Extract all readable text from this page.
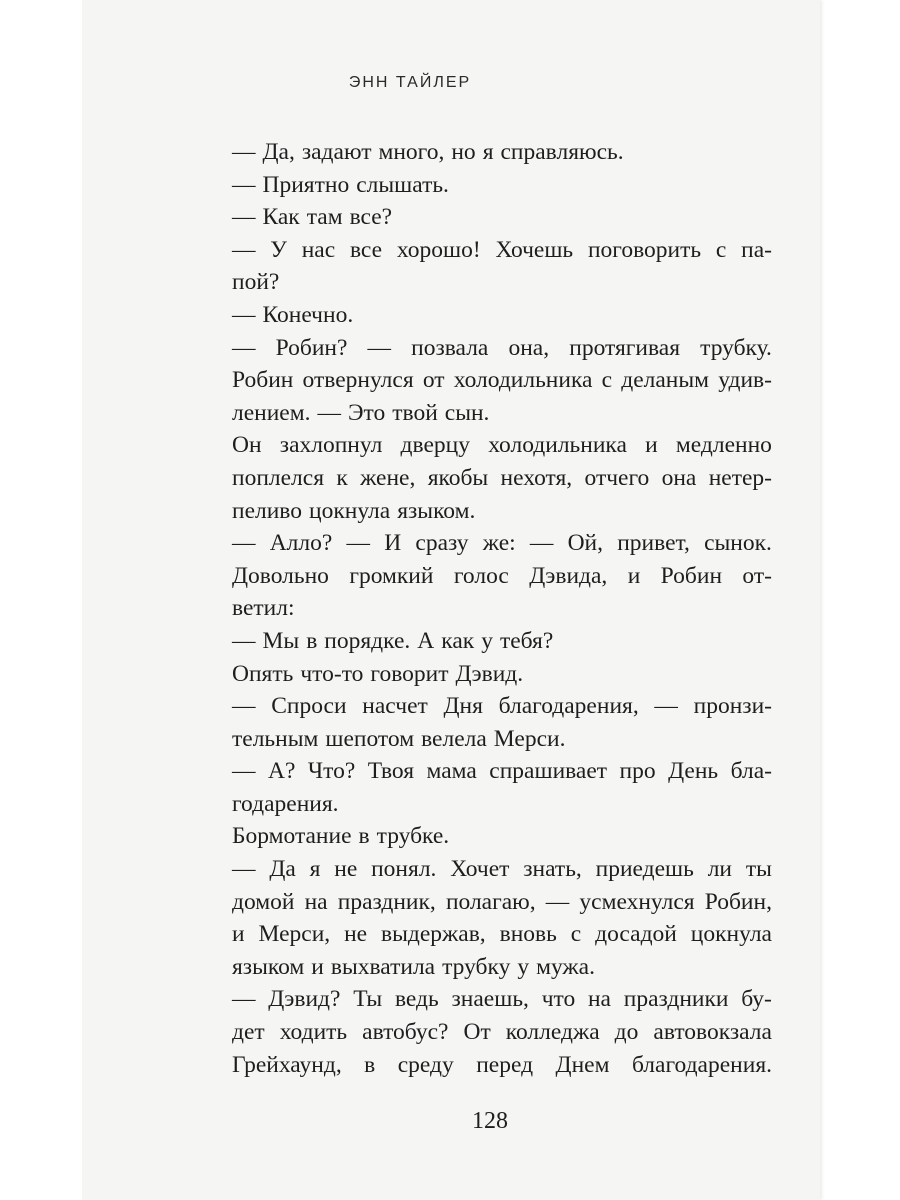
ЭНН ТАЙЛЕР
— Да, задают много, но я справляюсь.
— Приятно слышать.
— Как там все?
— У нас все хорошо! Хочешь поговорить с па-
пой?
— Конечно.
— Робин? — позвала она, протягивая трубку.
Робин отвернулся от холодильника с деланым удив-
лением. — Это твой сын.
Он захлопнул дверцу холодильника и медленно
поплелся к жене, якобы нехотя, отчего она нетер-
пеливо цокнула языком.
— Алло? — И сразу же: — Ой, привет, сынок.
Довольно громкий голос Дэвида, и Робин от-
ветил:
— Мы в порядке. А как у тебя?
Опять что-то говорит Дэвид.
— Спроси насчет Дня благодарения, — пронзи-
тельным шепотом велела Мерси.
— А? Что? Твоя мама спрашивает про День бла-
годарения.
Бормотание в трубке.
— Да я не понял. Хочет знать, приедешь ли ты
домой на праздник, полагаю, — усмехнулся Робин,
и Мерси, не выдержав, вновь с досадой цокнула
языком и выхватила трубку у мужа.
— Дэвид? Ты ведь знаешь, что на праздники бу-
дет ходить автобус? От колледжа до автовокзала
Грейхаунд, в среду перед Днем благодарения.
128
